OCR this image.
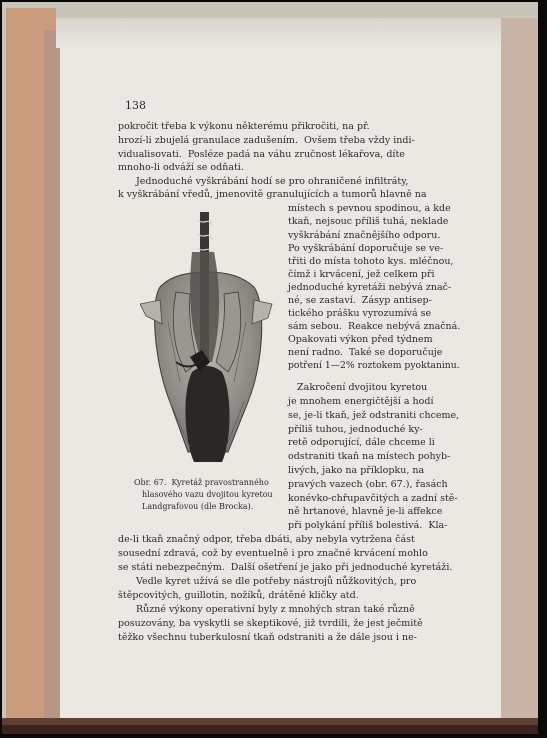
138
pokročit třeba k výkonu některému přikročiti, na př.
hrozí-li zbujelá granulace zadušením.  Ovšem třeba vždy indi-
vidualisovati.  Posléze padá na váhu zručnost lékařova, díte
mnoho-li odváží se odňati.
Jednoduché vyškrábání hodí se pro ohraničené infiltráty,
k vyškrábání vředů, jmenovitě granulujících a tumorů hlavně na
místech s pevnou spodinou, a kde
tkaň, nejsouc příliš tuhá, neklade
vyškrábání značnějšího odporu.
Po vyškrábání doporučuje se ve-
třiti do místa tohoto kys. mléčnou,
čímž i krvácení, jež celkem při
jednoduché kyretáži nebývá znač-
né, se zastaví.  Zásyp antisep-
tického prášku vyrozumívá se
sám sebou.  Reakce nebývá značná.
Opakovati výkon před týdnem
není radno.  Také se doporučuje
potření 1—2% roztokem pyoktaninu.
Zakročení dvojitou kyretou
je mnohem energičtější a hodí
se, je-li tkaň, jež odstraniti chceme,
příliš tuhou, jednoduché ky-
retě odporující, dále chceme li
odstraniti tkaň na místech pohyb-
livých, jako na příklopku, na
pravých vazech (obr. 67.), řasách
konévko-chřupavčitých a zadní stě-
ně hrtanové, hlavně je-li affekce
při polykání příliš bolestivá.  Kla-
de-li tkaň značný odpor, třeba dbáti, aby nebyla vytržena část
sousední zdravá, což by eventuelně i pro značné krvácení mohlo
se státi nebezpečným.  Další ošetření je jako při jednoduché kyretáži.
Vedle kyret užívá se dle potřeby nástrojů nůžkovitých, pro
štěpcovitých, guillotin, nožíků, drátěné kličky atd.
Různé výkony operativní byly z mnohých stran také různě
posuzovány, ba vyskytli se skeptikové, již tvrdili, že jest ječmitě
těžko všechnu tuberkulosní tkaň odstraniti a že dále jsou i ne-
Obr. 67.  Kyretáž pravostranného
hlasového vazu dvojitou kyretou
Landgrafovou (dle Brocka).
